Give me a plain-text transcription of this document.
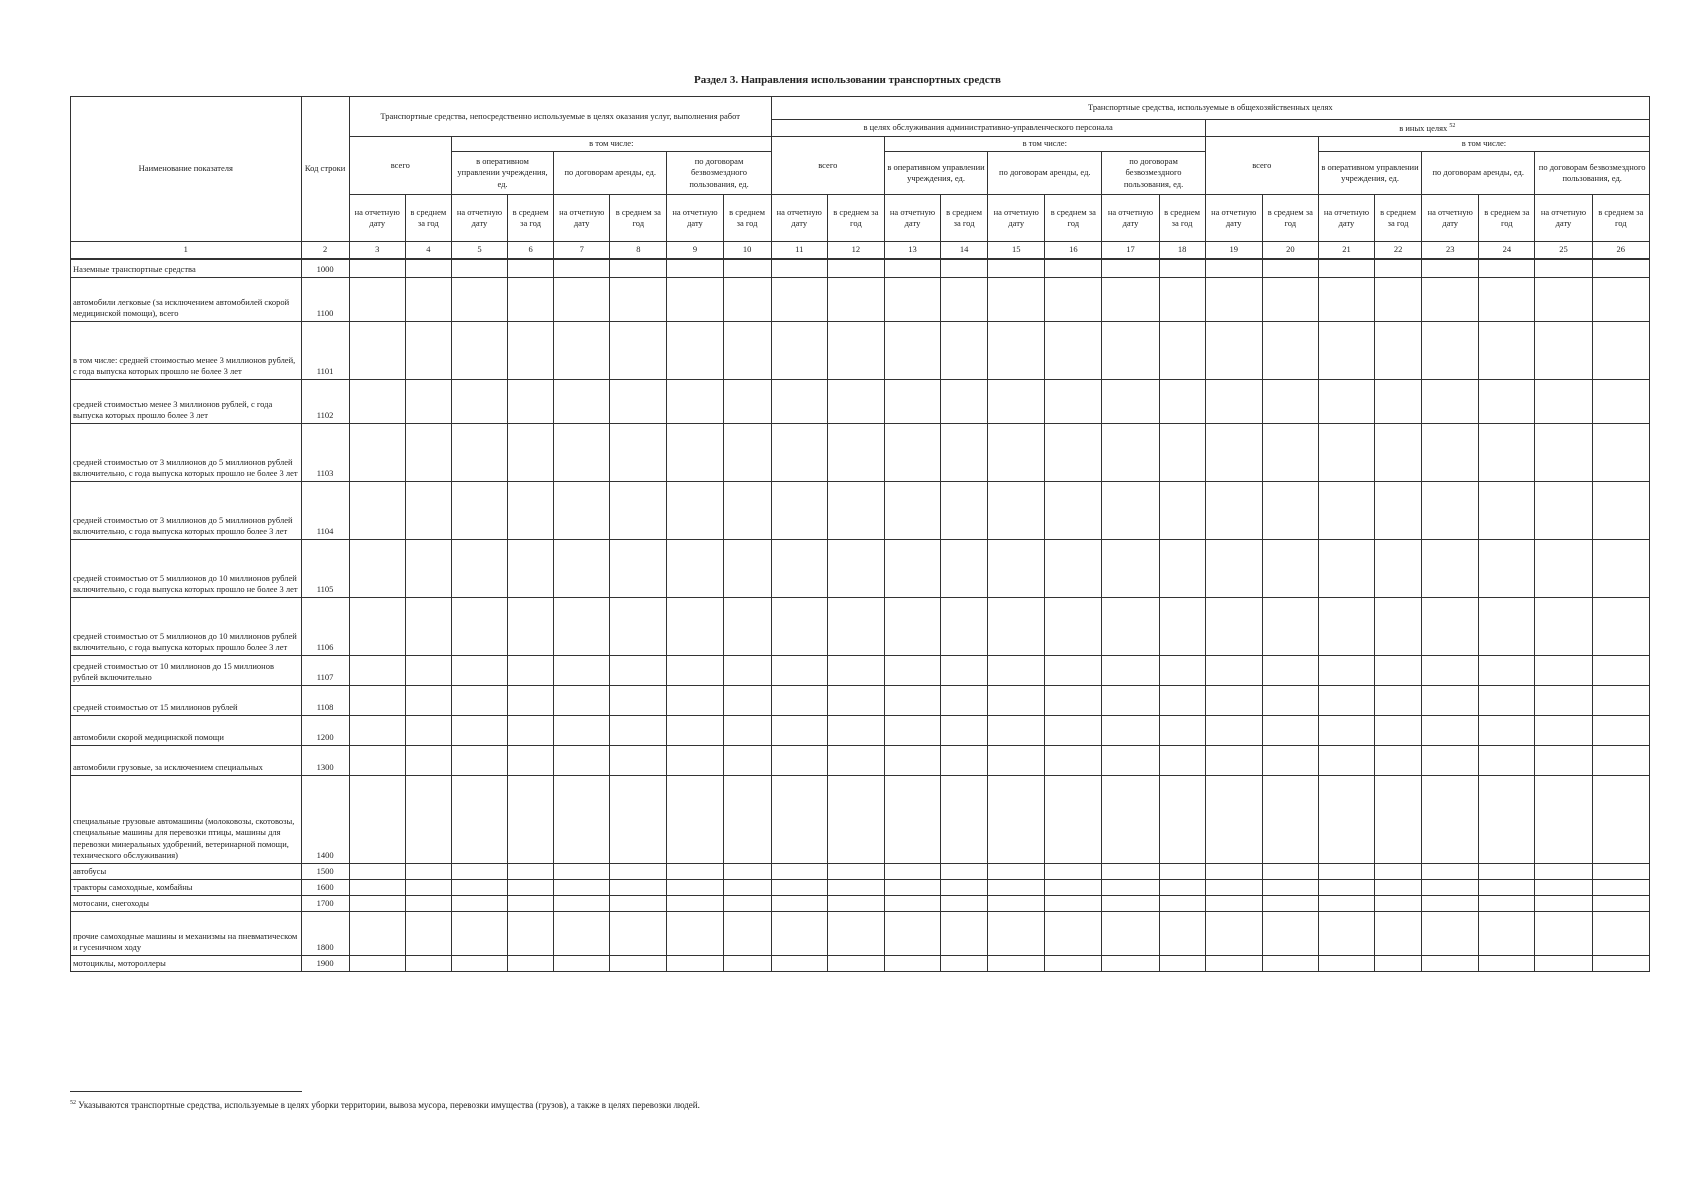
Раздел 3. Направления использовании транспортных средств
Наименование показателя	Код строки	Транспортные средства, непосредственно используемые в целях оказания услуг, выполнения работ								Транспортные средства, используемые в общехозяйственных целях															
										в целях обслуживания административно-управленческого персонала								в иных целях $^{52}$
		всего		в том числе:						всего		в том числе:						всего		в том числе:					
				в оперативном управлении учреждения, ед.		по договорам аренды, ед.		по договорам безвозмездного пользования, ед.				в оперативном управлении учреждения, ед.		по договорам аренды, ед.		по договорам безвозмездного пользования, ед.				в оперативном управлении учреждения, ед.		по договорам аренды, ед.		по договорам безвозмездного пользования, ед.	
		на отчетную дату	в среднем за год	на отчетную дату	в среднем за год	на отчетную дату	в среднем за год	на отчетную дату	в среднем за год	на отчетную дату	в среднем за год	на отчетную дату	в среднем за год	на отчетную дату	в среднем за год	на отчетную дату	в среднем за год	на отчетную дату	в среднем за год	на отчетную дату	в среднем за год	на отчетную дату	в среднем за год	на отчетную дату	в среднем за год
1	2	3	4	5	6	7	8	9	10	11	12	13	14	15	16	17	18	19	20	21	22	23	24	25	26
Наземные транспортные средства	1000																								
автомобили легковые (за исключением автомобилей скорой медицинской помощи), всего	1100																								
в том числе: средней стоимостью менее 3 миллионов рублей, с года выпуска которых прошло не более 3 лет	1101																								
средней стоимостью менее 3 миллионов рублей, с года выпуска которых прошло более 3 лет	1102																								
средней стоимостью от 3 миллионов до 5 миллионов рублей включительно, с года выпуска которых прошло не более 3 лет	1103																								
средней стоимостью от 3 миллионов до 5 миллионов рублей включительно, с года выпуска которых прошло более 3 лет	1104																								
средней стоимостью от 5 миллионов до 10 миллионов рублей включительно, с года выпуска которых прошло не более 3 лет	1105																								
средней стоимостью от 5 миллионов до 10 миллионов рублей включительно, с года выпуска которых прошло более 3 лет	1106																								
средней стоимостью от 10 миллионов до 15 миллионов рублей включительно	1107																								
средней стоимостью от 15 миллионов рублей	1108																								
автомобили скорой медицинской помощи	1200																								
автомобили грузовые, за исключением специальных	1300																								
специальные грузовые автомашины (молоковозы, скотовозы, специальные машины для перевозки птицы, машины для перевозки минеральных удобрений, ветеринарной помощи, технического обслуживания)	1400																								
автобусы	1500																								
тракторы самоходные, комбайны	1600																								
мотосани, снегоходы	1700																								
прочие самоходные машины и механизмы на пневматическом и гусеничном ходу	1800																								
мотоциклы, мотороллеры	1900																								
$^{52}$ Указываются транспортные средства, используемые в целях уборки территории, вывоза мусора, перевозки имущества (грузов), а также в целях перевозки людей.
